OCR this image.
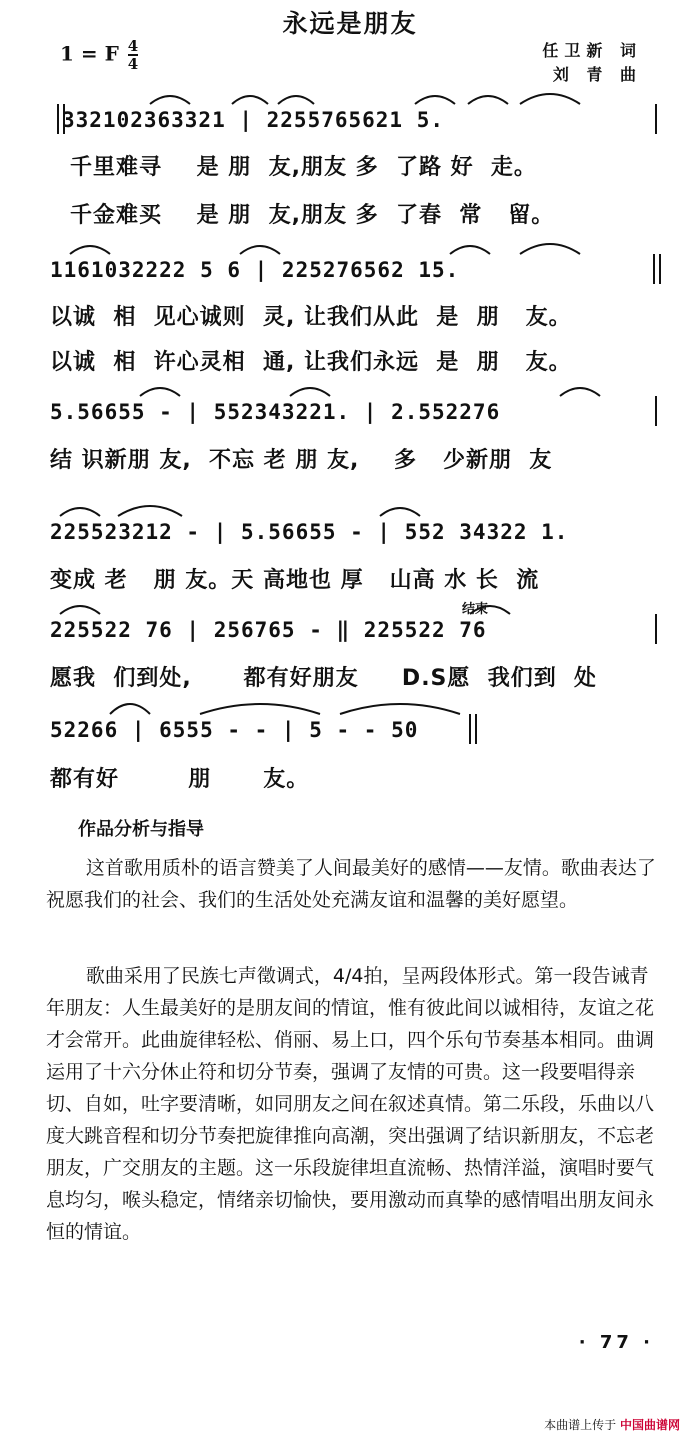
永远是朋友
1 = F $\frac{4}{4}$	任卫新 词
刘 青 曲
332102363321 | 2255765621 5.
千里难寻    是 朋  友,朋友 多  了路 好  走。
千金难买    是 朋  友,朋友 多  了春  常   留。
1161032222 5 6 | 225276562 15.
以诚  相  见心诚则  灵, 让我们从此  是  朋   友。
以诚  相  许心灵相  通, 让我们永远  是  朋   友。
5.56655 - | 552343221. | 2.552276
结 识新朋 友,  不忘 老 朋 友,    多   少新朋  友
225523212 - | 5.56655 - | 552 34322 1.
变成 老   朋 友。天 高地也 厚   山高 水 长  流
结束
225522 76 | 256765 - ‖ 225522 76
愿我  们到处,      都有好朋友     D.S愿  我们到  处
52266 | 6555 - - | 5 - - 50
都有好        朋      友。
作品分析与指导
这首歌用质朴的语言赞美了人间最美好的感情——友情。歌曲表达了祝愿我们的社会、我们的生活处处充满友谊和温馨的美好愿望。
歌曲采用了民族七声徵调式，4/4拍，呈两段体形式。第一段告诫青年朋友：人生最美好的是朋友间的情谊，惟有彼此间以诚相待，友谊之花才会常开。此曲旋律轻松、俏丽、易上口，四个乐句节奏基本相同。曲调运用了十六分休止符和切分节奏，强调了友情的可贵。这一段要唱得亲切、自如，吐字要清晰，如同朋友之间在叙述真情。第二乐段，乐曲以八度大跳音程和切分节奏把旋律推向高潮，突出强调了结识新朋友，不忘老朋友，广交朋友的主题。这一乐段旋律坦直流畅、热情洋溢，演唱时要气息均匀，喉头稳定，情绪亲切愉快，要用激动而真挚的感情唱出朋友间永恒的情谊。
· 77 ·
本曲谱上传于 中国曲谱网
